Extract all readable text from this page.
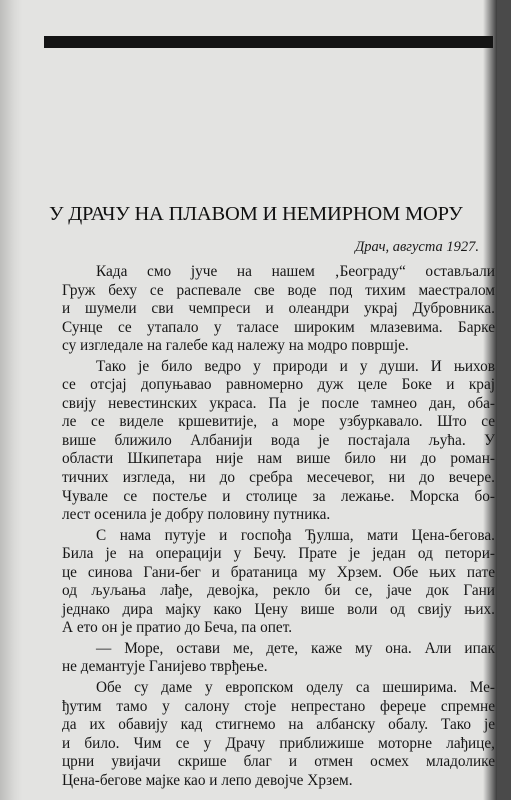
У ДРАЧУ НА ПЛАВОМ И НЕМИРНОМ МОРУ

Драч, августа 1927.

Када смо јуче на нашем ‚Београду“ остављали
Груж беху се распевале све воде под тихим маестралом
и шумели сви чемпреси и олеандри украј Дубровника.
Сунце се утапало у таласе широким млазевима. Барке
су изгледале на галебе кад належу на модро површје.
Тако је било ведро у природи и у души. И њихов
се отсјај допуњавао равномерно дуж целе Боке и крај
свију невестинских украса. Па је после тамнео дан, оба-
ле се виделе кршевитије, а море узбуркавало. Што се
више ближило Албанији вода је постајала љућа. У
области Шкипетара није нам више било ни до роман-
тичних изгледа, ни до сребра месечевог, ни до вечере.
Чувале се постеље и столице за лежање. Морска бо-
лест осенила је добру половину путника.
С нама путује и госпођа Ђулша, мати Цена-бегова.
Била је на операцији у Бечу. Прате је један од петори-
це синова Гани-бег и братаница му Хрзем. Обе њих патe
од љуљања лађе, девојка, рекло би се, јаче док Гани
једнако дира мајку како Цену више воли од свију њих.
А ето он је пратио до Беча, па опет.
— Море, остави ме, дете, каже му она. Али ипак
не демантује Ганијево тврђење.
Обе су даме у европском оделу са шеширима. Ме-
ђутим тамо у салону стоје непрестано фереџе спремне
да их обавију кад стигнемо на албанску обалу. Тако је
и било. Чим се у Драчу приближише моторне лађице,
црни увијачи скрише благ и отмен осмех младолике
Цена-бегове мајке као и лепо девојче Хрзем.
